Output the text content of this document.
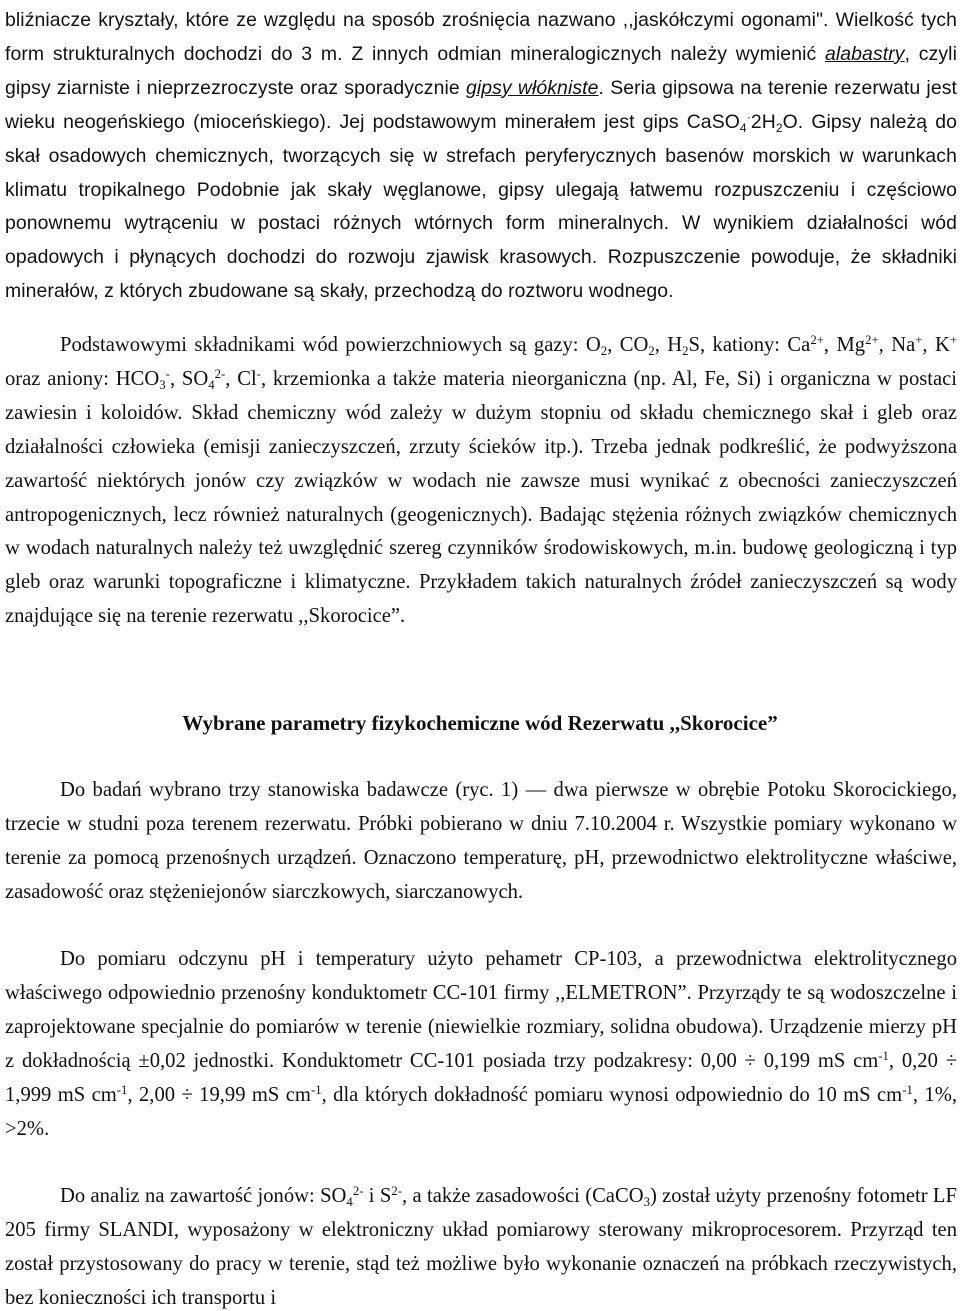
bliźniacze kryształy, które ze względu na sposób zrośnięcia nazwano ,,jaskółczymi ogonami". Wielkość tych form strukturalnych dochodzi do 3 m. Z innych odmian mineralogicznych należy wymienić alabastry, czyli gipsy ziarniste i nieprzezroczyste oraz sporadycznie gipsy włókniste. Seria gipsowa na terenie rezerwatu jest wieku neogeńskiego (mioceńskiego). Jej podstawowym minerałem jest gips $CaSO_4^\cdot 2H_2O$. Gipsy należą do skał osadowych chemicznych, tworzących się w strefach peryferycznych basenów morskich w warunkach klimatu tropikalnego Podobnie jak skały węglanowe, gipsy ulegają łatwemu rozpuszczeniu i częściowo ponownemu wytrąceniu w postaci różnych wtórnych form mineralnych. W wynikiem działalności wód opadowych i płynących dochodzi do rozwoju zjawisk krasowych. Rozpuszczenie powoduje, że składniki minerałów, z których zbudowane są skały, przechodzą do roztworu wodnego.

Podstawowymi składnikami wód powierzchniowych są gazy: $O_2$, $CO_2$, $H_2S$, kationy: $Ca^{2+}$, $Mg^{2+}$, Na+, K+ oraz aniony: $HCO_3^-$, $SO_4^{2-}$, Cl-, krzemionka a także materia nieorganiczna (np. Al, Fe, Si) i organiczna w postaci zawiesin i koloidów. Skład chemiczny wód zależy w dużym stopniu od składu chemicznego skał i gleb oraz działalności człowieka (emisji zanieczyszczeń, zrzuty ścieków itp.). Trzeba jednak podkreślić, że podwyższona zawartość niektórych jonów czy związków w wodach nie zawsze musi wynikać z obecności zanieczyszczeń antropogenicznych, lecz również naturalnych (geogenicznych). Badając stężenia różnych związków chemicznych w wodach naturalnych należy też uwzględnić szereg czynników środowiskowych, m.in. budowę geologiczną i typ gleb oraz warunki topograficzne i klimatyczne. Przykładem takich naturalnych źródeł zanieczyszczeń są wody znajdujące się na terenie rezerwatu ,,Skorocice”.

Wybrane parametry fizykochemiczne wód Rezerwatu ,,Skorocice”

Do badań wybrano trzy stanowiska badawcze (ryc. 1) — dwa pierwsze w obrębie Potoku Skorocickiego, trzecie w studni poza terenem rezerwatu. Próbki pobierano w dniu 7.10.2004 r. Wszystkie pomiary wykonano w terenie za pomocą przenośnych urządzeń. Oznaczono temperaturę, pH, przewodnictwo elektrolityczne właściwe, zasadowość oraz stężeniejonów siarczkowych, siarczanowych.

Do pomiaru odczynu pH i temperatury użyto pehametr CP-103, a przewodnictwa elektrolitycznego właściwego odpowiednio przenośny konduktometr CC-101 firmy ,,ELMETRON”. Przyrządy te są wodoszczelne i zaprojektowane specjalnie do pomiarów w terenie (niewielkie rozmiary, solidna obudowa). Urządzenie mierzy pH z dokładnością ±0,02 jednostki. Konduktometr CC-101 posiada trzy podzakresy: 0,00 ÷ 0,199 mS $cm^{-1}$, 0,20 ÷ 1,999 mS $cm^{-1}$, 2,00 ÷ 19,99 mS $cm^{-1}$, dla których dokładność pomiaru wynosi odpowiednio do 10 mS $cm^{-1}$, 1%, >2%.

Do analiz na zawartość jonów: $SO_4^{2-}$ i $S^{2-}$, a także zasadowości (CaCO$_3$) został użyty przenośny fotometr LF 205 firmy SLANDI, wyposażony w elektroniczny układ pomiarowy sterowany mikroprocesorem. Przyrząd ten został przystosowany do pracy w terenie, stąd też możliwe było wykonanie oznaczeń na próbkach rzeczywistych, bez konieczności ich transportu i
